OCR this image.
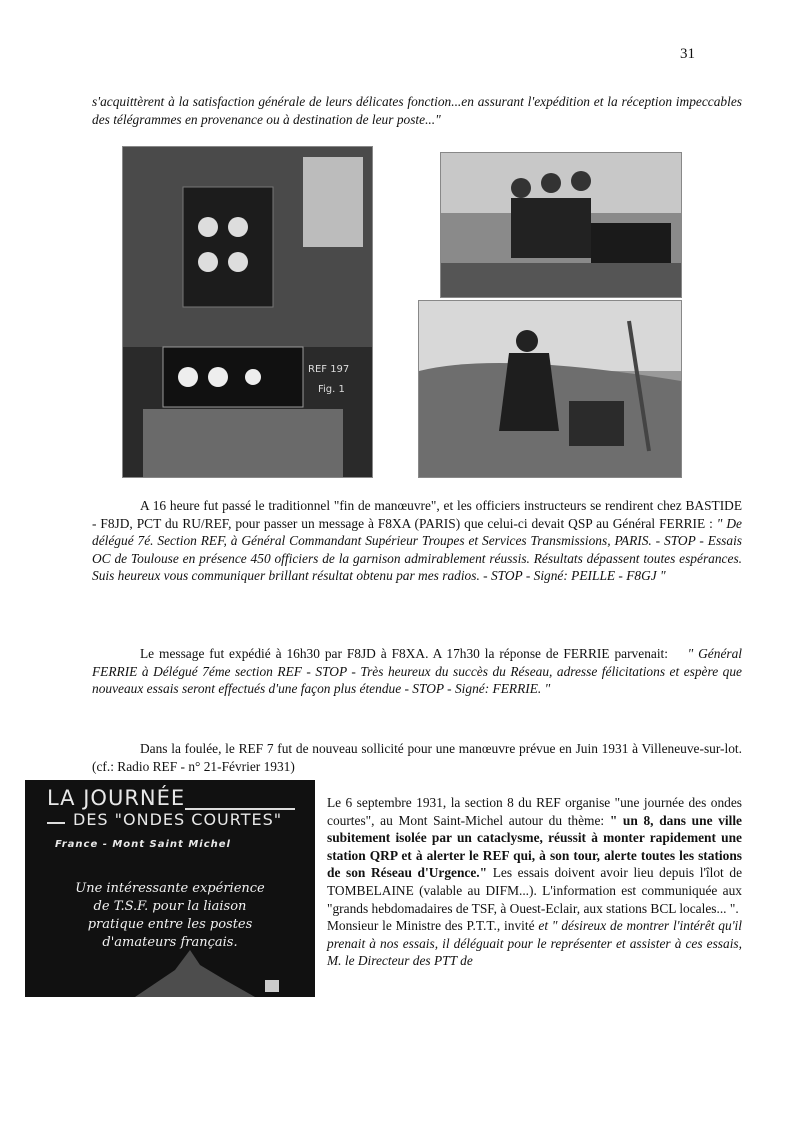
31

s'acquittèrent à la satisfaction générale de leurs délicates fonction...en assurant l'expédition et la réception impeccables des télégrammes en provenance ou à destination de leur poste..."

REF 197
Fig. 1

A 16 heure fut passé le traditionnel "fin de manœuvre", et les officiers instructeurs se rendirent chez BASTIDE - F8JD, PCT du RU/REF, pour passer un message à F8XA (PARIS) que celui-ci devait QSP au Général FERRIE : " De délégué 7é. Section REF, à Général Commandant Supérieur Troupes et Services Transmissions, PARIS. - STOP - Essais OC de Toulouse en présence 450 officiers de la garnison admirablement réussis. Résultats dépassent toutes espérances. Suis heureux vous communiquer brillant résultat obtenu par mes radios. - STOP - Signé: PEILLE - F8GJ "

Le message fut expédié à 16h30 par F8JD à F8XA. A 17h30 la réponse de FERRIE parvenait: " Général FERRIE à Délégué 7éme section REF - STOP - Très heureux du succès du Réseau, adresse félicitations et espère que nouveaux essais seront effectués d'une façon plus étendue - STOP - Signé: FERRIE. "

Dans la foulée, le REF 7 fut de nouveau sollicité pour une manœuvre prévue en Juin 1931 à Villeneuve-sur-lot. (cf.: Radio REF - n° 21-Février 1931)

LA JOURNÉE
DES "ONDES COURTES"
France - Mont Saint Michel
Une intéressante expérience
de T.S.F. pour la liaison
pratique entre les postes
d'amateurs français.

Le 6 septembre 1931, la section 8 du REF organise "une journée des ondes courtes", au Mont Saint-Michel autour du thème: " un 8, dans une ville subitement isolée par un cataclysme, réussit à monter rapidement une station QRP et à alerter le REF qui, à son tour, alerte toutes les stations de son Réseau d'Urgence." Les essais doivent avoir lieu depuis l'îlot de TOMBELAINE (valable au DIFM...). L'information est communiquée aux "grands hebdomadaires de TSF, à Ouest-Eclair, aux stations BCL locales... ".

Monsieur le Ministre des P.T.T., invité et " désireux de montrer l'intérêt qu'il prenait à nos essais, il déléguait pour le représenter et assister à ces essais, M. le Directeur des PTT de
